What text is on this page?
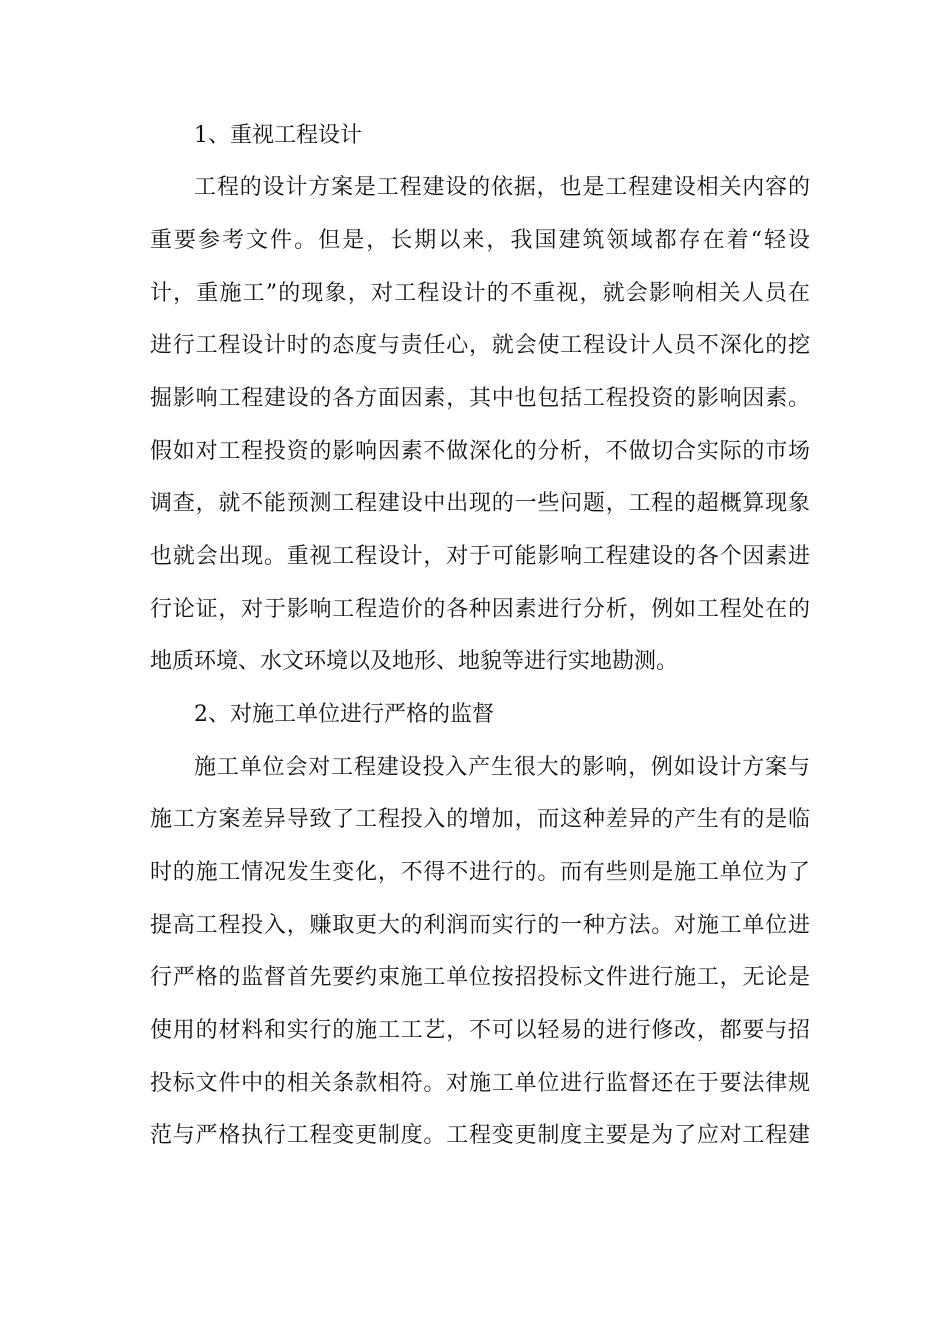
1、重视工程设计
工程的设计方案是工程建设的依据，也是工程建设相关内容的
重要参考文件。但是，长期以来，我国建筑领域都存在着“轻设
计，重施工”的现象，对工程设计的不重视，就会影响相关人员在
进行工程设计时的态度与责任心，就会使工程设计人员不深化的挖
掘影响工程建设的各方面因素，其中也包括工程投资的影响因素。
假如对工程投资的影响因素不做深化的分析，不做切合实际的市场
调查，就不能预测工程建设中出现的一些问题，工程的超概算现象
也就会出现。重视工程设计，对于可能影响工程建设的各个因素进
行论证，对于影响工程造价的各种因素进行分析，例如工程处在的
地质环境、水文环境以及地形、地貌等进行实地勘测。
2、对施工单位进行严格的监督
施工单位会对工程建设投入产生很大的影响，例如设计方案与
施工方案差异导致了工程投入的增加，而这种差异的产生有的是临
时的施工情况发生变化，不得不进行的。而有些则是施工单位为了
提高工程投入，赚取更大的利润而实行的一种方法。对施工单位进
行严格的监督首先要约束施工单位按招投标文件进行施工，无论是
使用的材料和实行的施工工艺，不可以轻易的进行修改，都要与招
投标文件中的相关条款相符。对施工单位进行监督还在于要法律规
范与严格执行工程变更制度。工程变更制度主要是为了应对工程建
